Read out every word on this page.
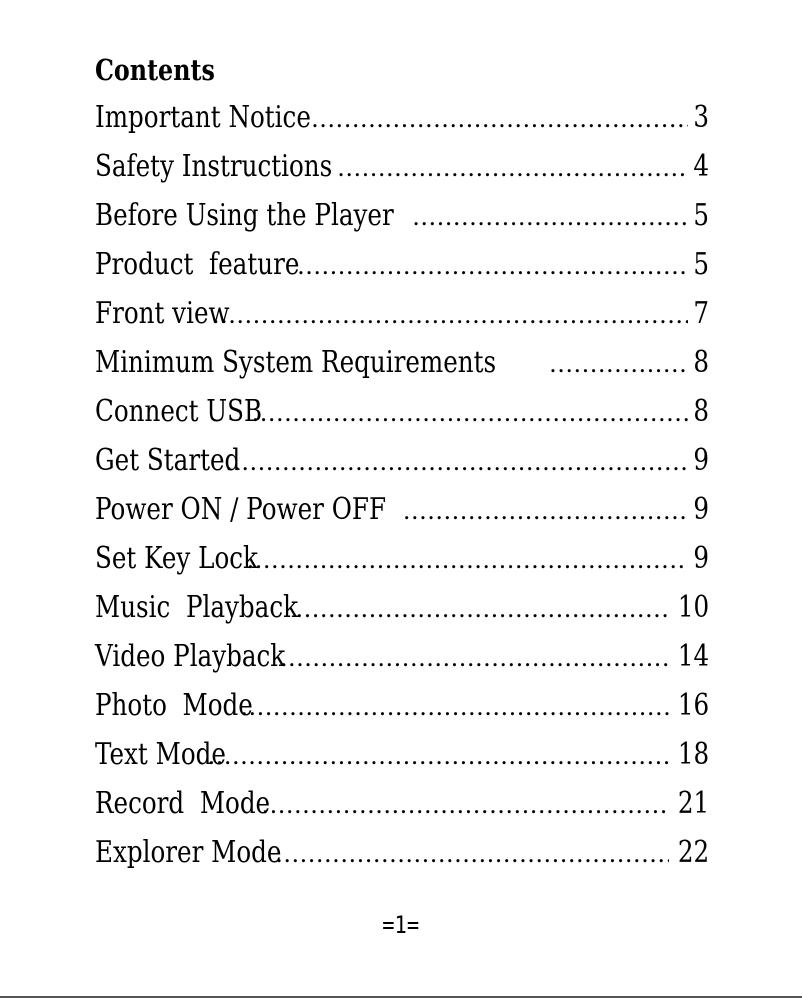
Contents
Important Notice .....	3
Safety Instructions .....	4
Before Using the Player .....	5
Product  feature .....	5
Front view .....	7
Minimum System Requirements .....	8
Connect USB .....	8
Get Started .....	9
Power ON / Power OFF .....	9
Set Key Lock .....	9
Music  Playback .....	10
Video Playback .....	14
Photo  Mode .....	16
Text Mode .....	18
Record  Mode .....	21
Explorer Mode .....	22
=1=
